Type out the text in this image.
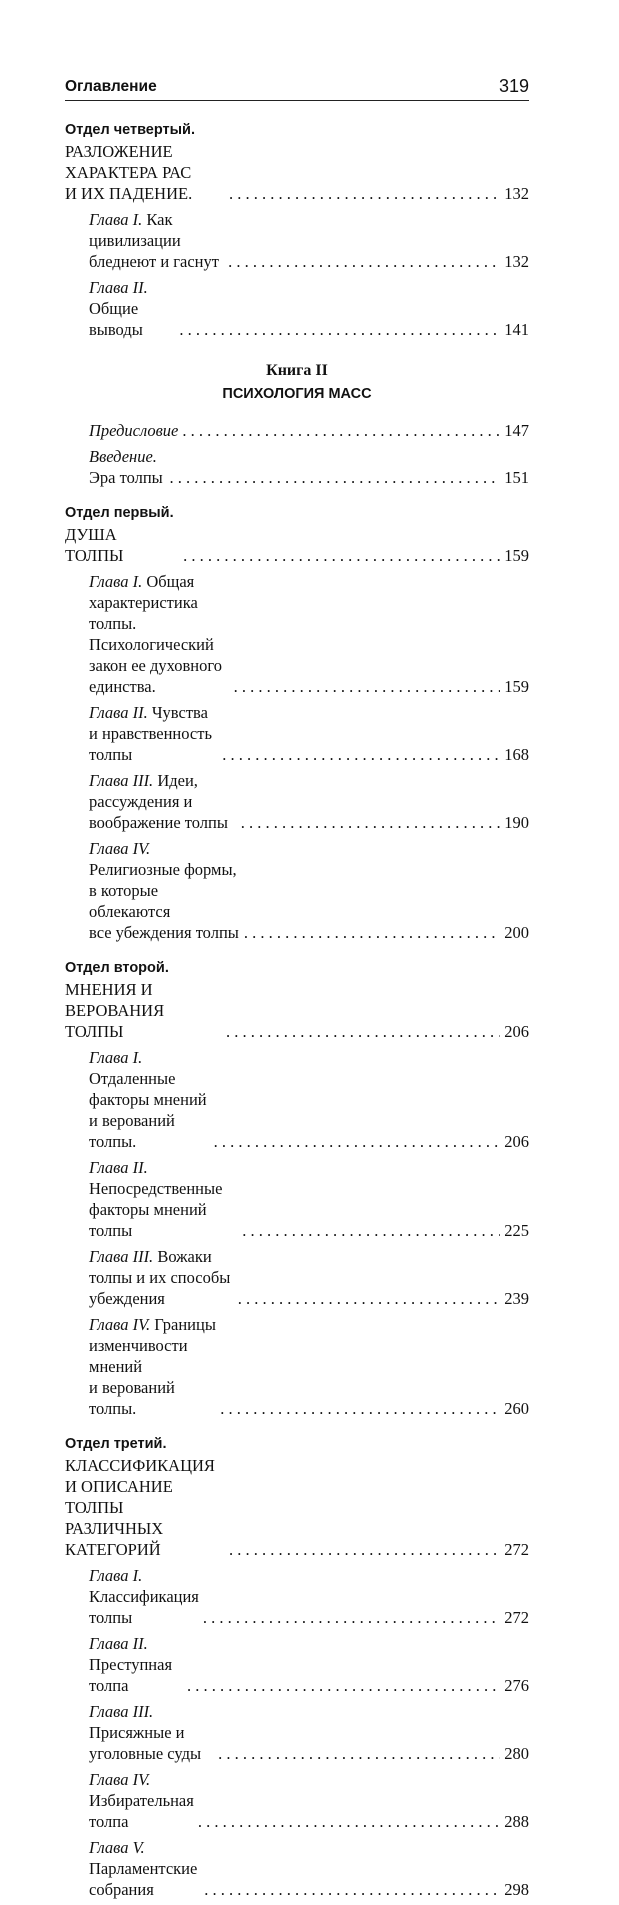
Оглавление	319
Отдел четвертый. РАЗЛОЖЕНИЕ ХАРАКТЕРА РАС
И ИХ ПАДЕНИЕ. . . .	132
Глава I. Как цивилизации бледнеют и гаснут . . .	132
Глава II. Общие выводы . . .	141
Книга II
ПСИХОЛОГИЯ МАСС
Предисловие . . .	147
Введение. Эра толпы . . .	151
Отдел первый. ДУША ТОЛПЫ . . .	159
Глава I. Общая характеристика толпы.
Психологический закон ее духовного единства. . . .	159
Глава II. Чувства и нравственность толпы . . .	168
Глава III. Идеи, рассуждения и воображение толпы . . .	190
Глава IV. Религиозные формы, в которые облекаются
все убеждения толпы . . .	200
Отдел второй. МНЕНИЯ И ВЕРОВАНИЯ ТОЛПЫ . . .	206
Глава I. Отдаленные факторы мнений
и верований толпы. . . .	206
Глава II. Непосредственные факторы мнений толпы . . .	225
Глава III. Вожаки толпы и их способы убеждения . . .	239
Глава IV. Границы изменчивости мнений
и верований толпы. . . .	260
Отдел третий. КЛАССИФИКАЦИЯ
И ОПИСАНИЕ ТОЛПЫ РАЗЛИЧНЫХ КАТЕГОРИЙ . . .	272
Глава I. Классификация толпы . . .	272
Глава II. Преступная толпа . . .	276
Глава III. Присяжные и уголовные суды . . .	280
Глава IV. Избирательная толпа . . .	288
Глава V. Парламентские собрания . . .	298
